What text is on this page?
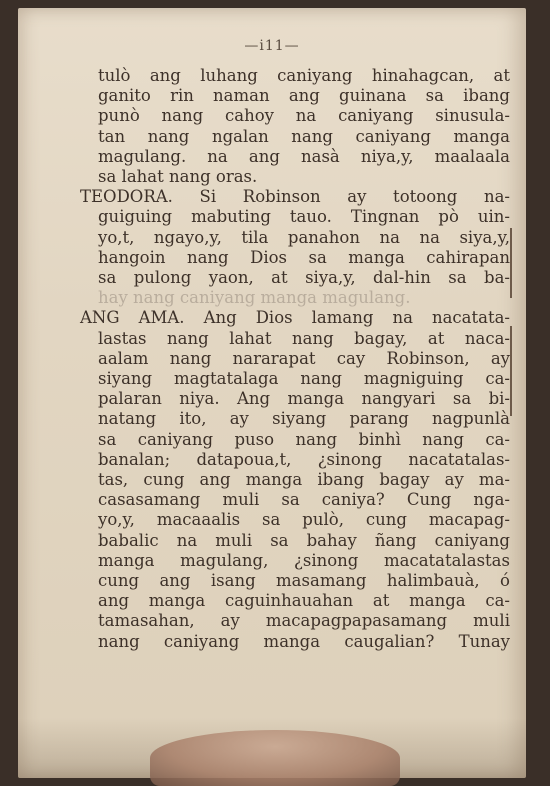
—i11—
tulò ang luhang caniyang hinahagcan, at
ganito rin naman ang guinana sa ibang
punò nang cahoy na caniyang sinusula-
tan nang ngalan nang caniyang manga
magulang. na ang nasà niya,y, maalaala
sa lahat nang oras.
TEODORA. Si Robinson ay totoong na-
guiguing mabuting tauo. Tingnan pò uin-
yo,t, ngayo,y, tila panahon na na siya,y,
hangoin nang Dios sa manga cahirapan
sa pulong yaon, at siya,y, dal-hin sa ba-
hay nang caniyang manga magulang.
ANG AMA. Ang Dios lamang na nacatata-
lastas nang lahat nang bagay, at naca-
aalam nang nararapat cay Robinson, ay
siyang magtatalaga nang magniguing ca-
palaran niya. Ang manga nangyari sa bi-
natang ito, ay siyang parang nagpunlà
sa caniyang puso nang binhì nang ca-
banalan; datapoua,t, ¿sinong nacatatalas-
tas, cung ang manga ibang bagay ay ma-
casasamang muli sa caniya? Cung nga-
yo,y, macaaalis sa pulò, cung macapag-
babalic na muli sa bahay ñang caniyang
manga magulang, ¿sinong macatatalastas
cung ang isang masamang halimbauà, ó
ang manga caguinhauahan at manga ca-
tamasahan, ay macapagpapasamang muli
nang caniyang manga caugalian? Tunay
